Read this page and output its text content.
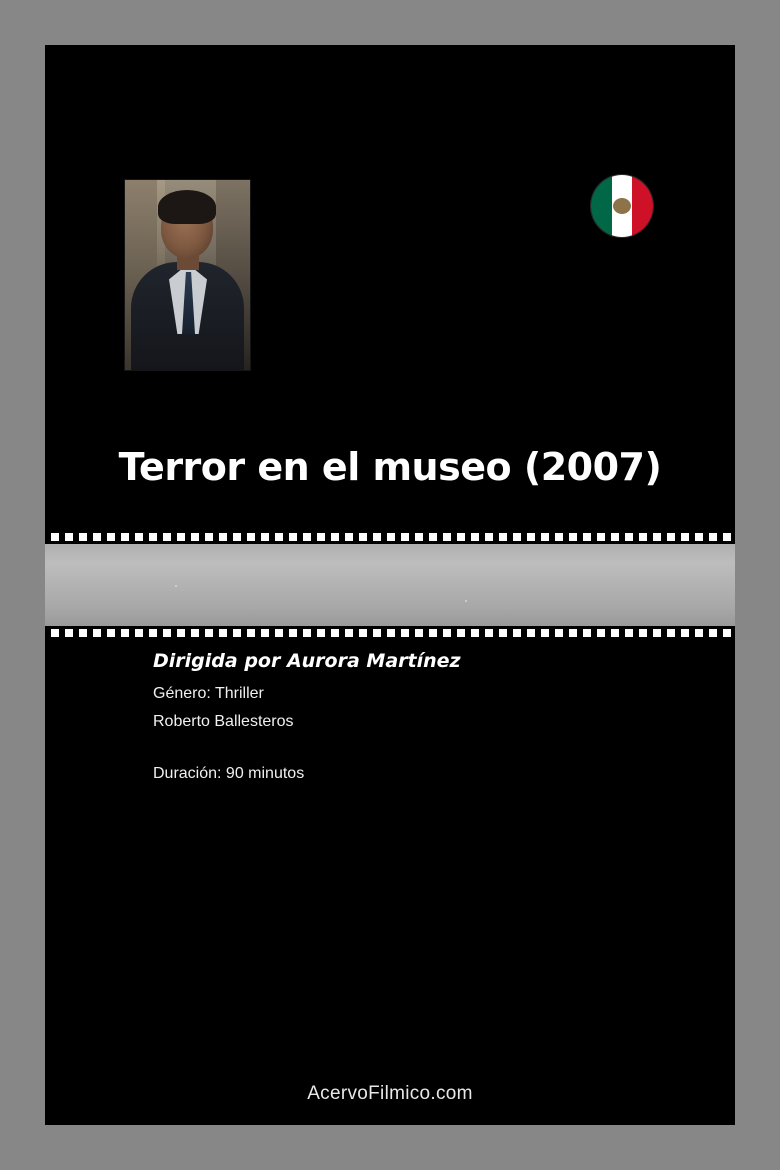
Terror en el museo (2007)
Dirigida por Aurora Martínez
Género: Thriller
Roberto Ballesteros
Duración: 90 minutos
AcervoFilmico.com
